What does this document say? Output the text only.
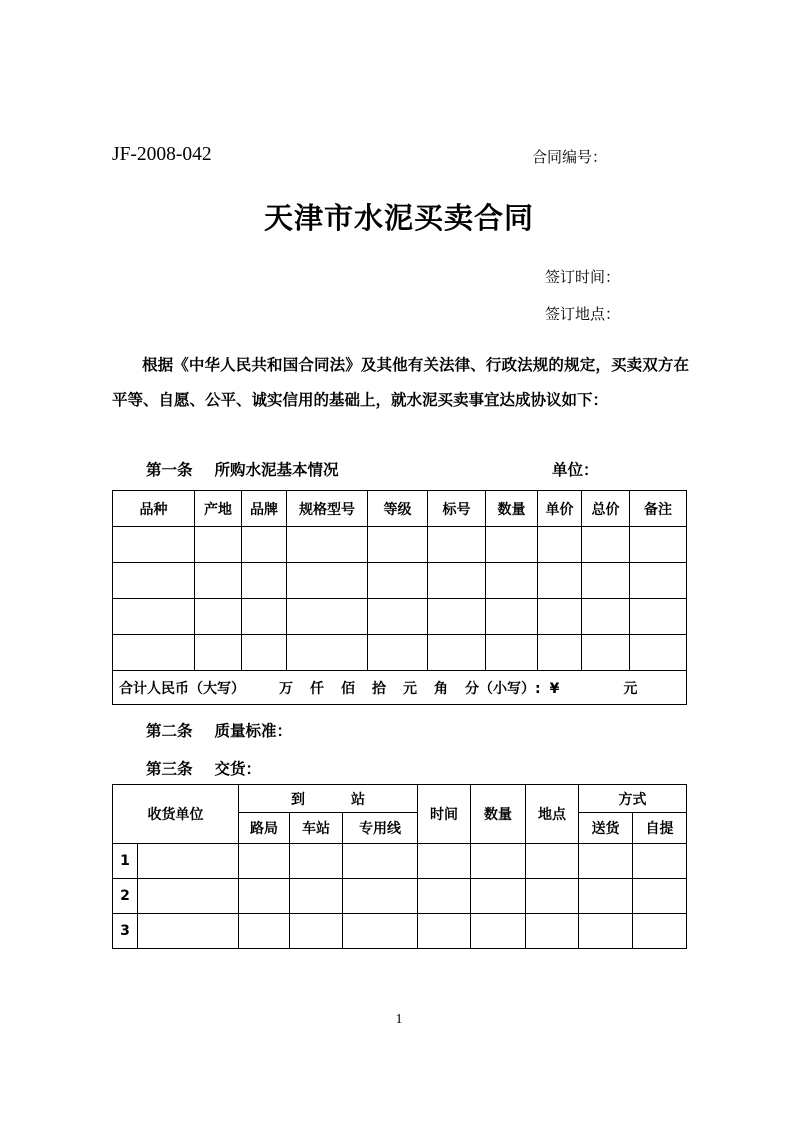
JF-2008-042	合同编号：
天津市水泥买卖合同
签订时间：
签订地点：
根据《中华人民共和国合同法》及其他有关法律、行政法规的规定，买卖双方在平等、自愿、公平、诚实信用的基础上，就水泥买卖事宜达成协议如下：
第一条 所购水泥基本情况	单位：
品种	产地	品牌	规格型号	等级	标号	数量	单价	总价	备注

合计人民币（大写） 万 仟 佰 拾 元 角 分（小写）: ¥ 元									
第二条 质量标准：
第三条 交货：
收货单位		到 站			时间	数量	地点	方式	
		路局	车站	专用线				送货	自提
1									
2									
3									
1
